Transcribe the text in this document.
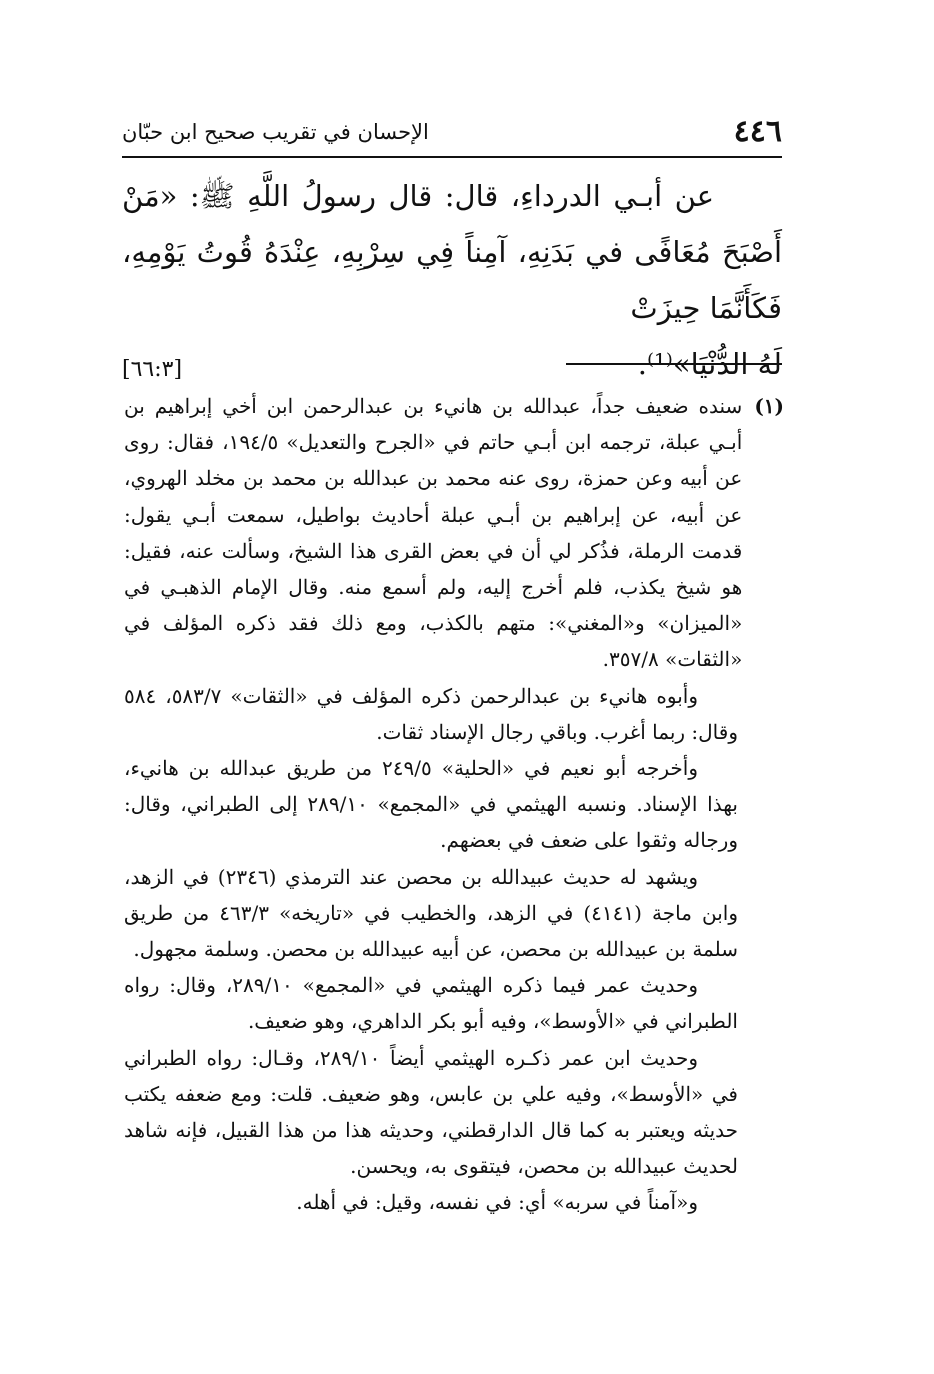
٤٤٦
الإحسان في تقريب صحيح ابن حبّان

عن أبـي الدرداءِ، قال: قال رسولُ اللَّهِ ﷺ: «مَنْ أَصْبَحَ مُعَافًى في بَدَنِهِ، آمِناً فِي سِرْبِهِ، عِنْدَهُ قُوتُ يَوْمِهِ، فَكَأَنَّمَا حِيزَتْ

لَهُ الدُّنْيَا»⁽¹⁾.
[٦٦:٣]
(١)
سنده ضعيف جداً، عبدالله بن هانيء بن عبدالرحمن ابن أخي إبراهيم بن أبـي عبلة، ترجمه ابن أبـي حاتم في «الجرح والتعديل» ١٩٤/٥، فقال: روى عن أبيه وعن حمزة، روى عنه محمد بن عبدالله بن محمد بن مخلد الهروي، عن أبيه، عن إبراهيم بن أبـي عبلة أحاديث بواطيل، سمعت أبـي يقول: قدمت الرملة، فذُكر لي أن في بعض القرى هذا الشيخ، وسألت عنه، فقيل: هو شيخ يكذب، فلم أخرج إليه، ولم أسمع منه. وقال الإمام الذهبـي في «الميزان» و«المغني»: متهم بالكذب، ومع ذلك فقد ذكره المؤلف في «الثقات» ٣٥٧/٨.

وأبوه هانيء بن عبدالرحمن ذكره المؤلف في «الثقات» ٥٨٣/٧، ٥٨٤ وقال: ربما أغرب. وباقي رجال الإسناد ثقات.

وأخرجه أبو نعيم في «الحلية» ٢٤٩/٥ من طريق عبدالله بن هانيء، بهذا الإسناد. ونسبه الهيثمي في «المجمع» ٢٨٩/١٠ إلى الطبراني، وقال: ورجاله وثقوا على ضعف في بعضهم.

ويشهد له حديث عبيدالله بن محصن عند الترمذي (٢٣٤٦) في الزهد، وابن ماجة (٤١٤١) في الزهد، والخطيب في «تاريخه» ٤٦٣/٣ من طريق سلمة بن عبيدالله بن محصن، عن أبيه عبيدالله بن محصن. وسلمة مجهول.

وحديث عمر فيما ذكره الهيثمي في «المجمع» ٢٨٩/١٠، وقال: رواه الطبراني في «الأوسط»، وفيه أبو بكر الداهري، وهو ضعيف.

وحديث ابن عمر ذكـره الهيثمي أيضاً ٢٨٩/١٠، وقـال: رواه الطبراني في «الأوسط»، وفيه علي بن عابس، وهو ضعيف. قلت: ومع ضعفه يكتب حديثه ويعتبر به كما قال الدارقطني، وحديثه هذا من هذا القبيل، فإنه شاهد لحديث عبيدالله بن محصن، فيتقوى به، ويحسن.

و«آمناً في سربه» أي: في نفسه، وقيل: في أهله.
